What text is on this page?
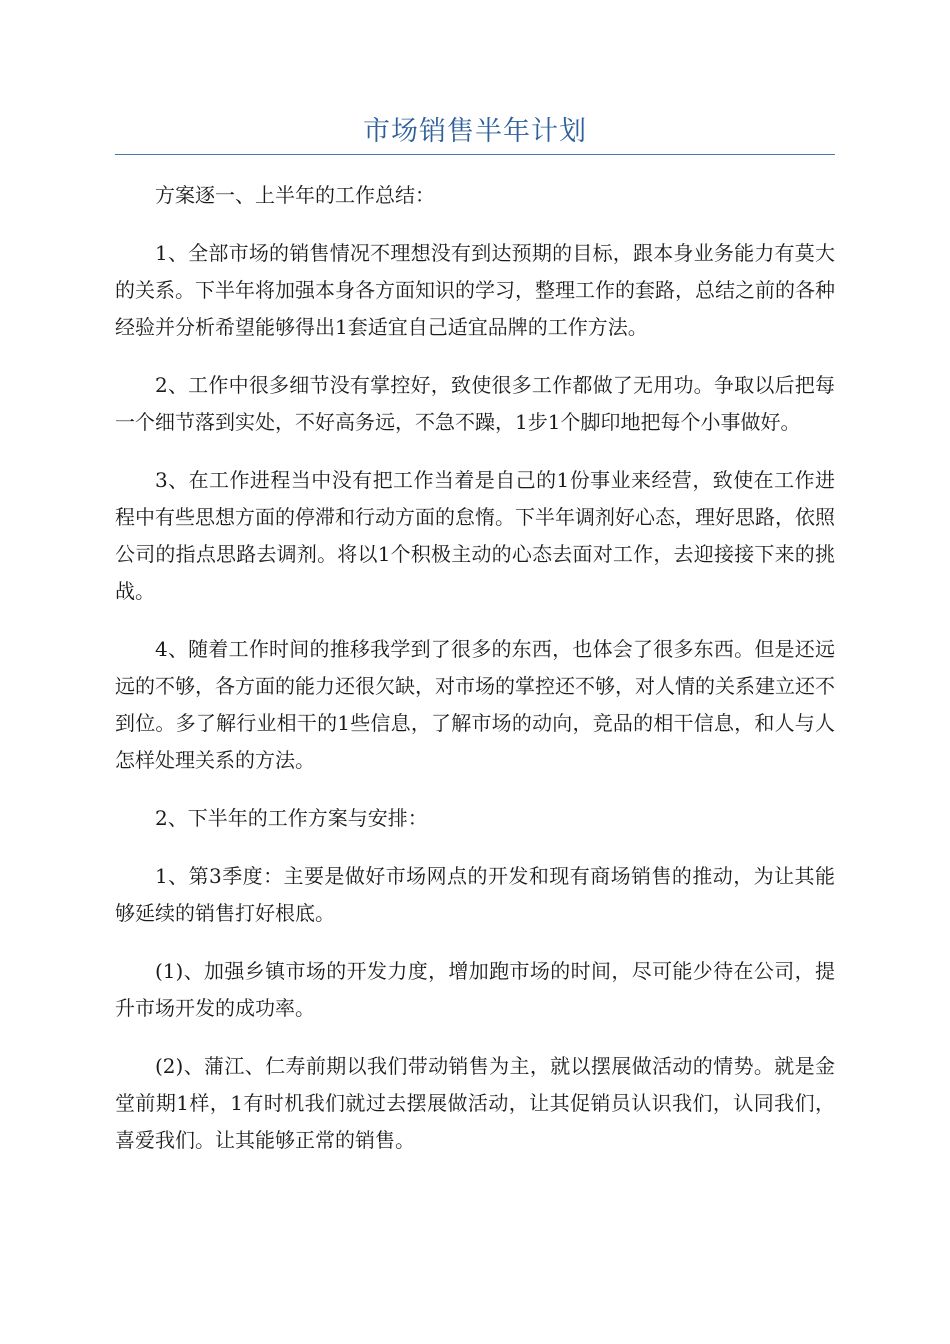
市场销售半年计划

方案逐一、上半年的工作总结：

1、全部市场的销售情况不理想没有到达预期的目标，跟本身业务能力有莫大的关系。下半年将加强本身各方面知识的学习，整理工作的套路，总结之前的各种经验并分析希望能够得出1套适宜自己适宜品牌的工作方法。

2、工作中很多细节没有掌控好，致使很多工作都做了无用功。争取以后把每一个细节落到实处，不好高务远，不急不躁，1步1个脚印地把每个小事做好。

3、在工作进程当中没有把工作当着是自己的1份事业来经营，致使在工作进程中有些思想方面的停滞和行动方面的怠惰。下半年调剂好心态，理好思路，依照公司的指点思路去调剂。将以1个积极主动的心态去面对工作，去迎接接下来的挑战。

4、随着工作时间的推移我学到了很多的东西，也体会了很多东西。但是还远远的不够，各方面的能力还很欠缺，对市场的掌控还不够，对人情的关系建立还不到位。多了解行业相干的1些信息，了解市场的动向，竞品的相干信息，和人与人怎样处理关系的方法。

2、下半年的工作方案与安排：

1、第3季度：主要是做好市场网点的开发和现有商场销售的推动，为让其能够延续的销售打好根底。

(1)、加强乡镇市场的开发力度，增加跑市场的时间，尽可能少待在公司，提升市场开发的成功率。

(2)、蒲江、仁寿前期以我们带动销售为主，就以摆展做活动的情势。就是金堂前期1样，1有时机我们就过去摆展做活动，让其促销员认识我们，认同我们，喜爱我们。让其能够正常的销售。
